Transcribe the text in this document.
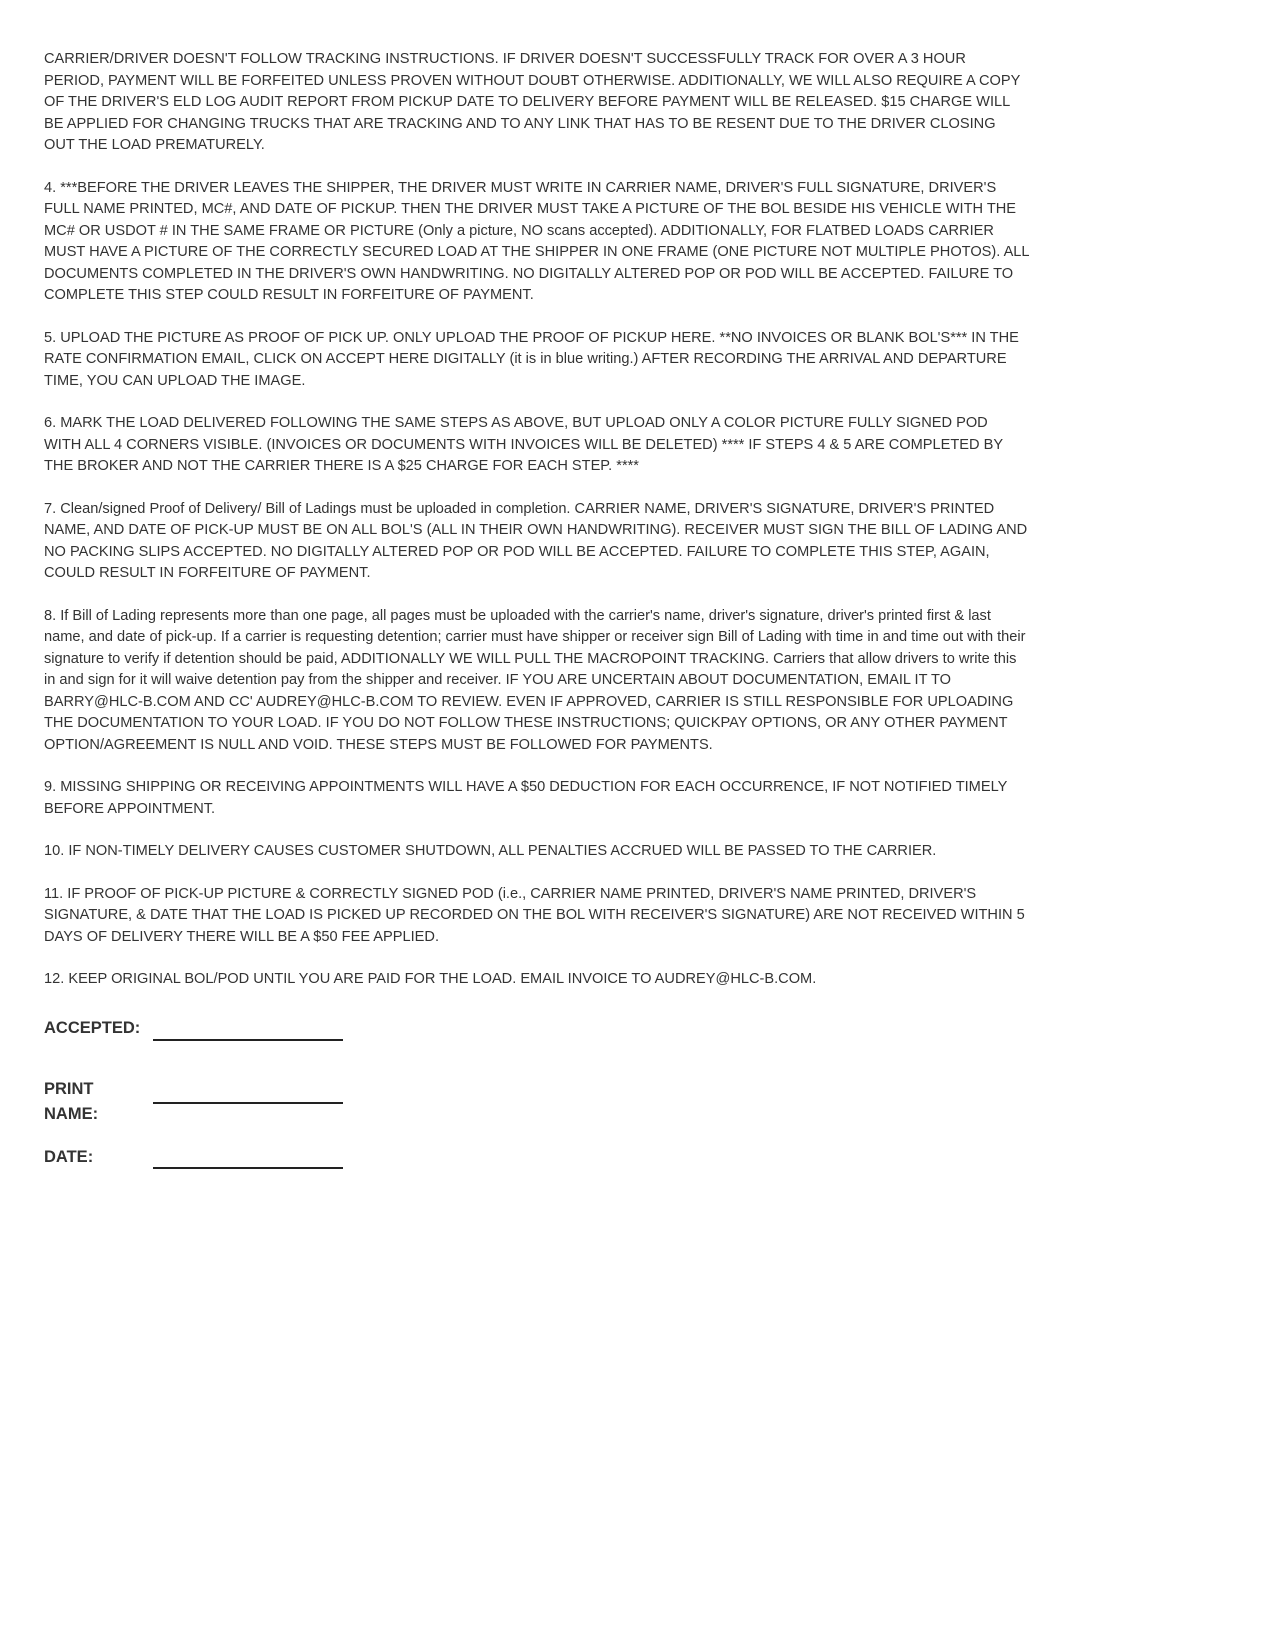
CARRIER/DRIVER DOESN'T FOLLOW TRACKING INSTRUCTIONS. IF DRIVER DOESN'T SUCCESSFULLY TRACK FOR OVER A 3 HOUR PERIOD, PAYMENT WILL BE FORFEITED UNLESS PROVEN WITHOUT DOUBT OTHERWISE. ADDITIONALLY, WE WILL ALSO REQUIRE A COPY OF THE DRIVER'S ELD LOG AUDIT REPORT FROM PICKUP DATE TO DELIVERY BEFORE PAYMENT WILL BE RELEASED. $15 CHARGE WILL BE APPLIED FOR CHANGING TRUCKS THAT ARE TRACKING AND TO ANY LINK THAT HAS TO BE RESENT DUE TO THE DRIVER CLOSING OUT THE LOAD PREMATURELY.

4. ***BEFORE THE DRIVER LEAVES THE SHIPPER, THE DRIVER MUST WRITE IN CARRIER NAME, DRIVER'S FULL SIGNATURE, DRIVER'S FULL NAME PRINTED, MC#, AND DATE OF PICKUP. THEN THE DRIVER MUST TAKE A PICTURE OF THE BOL BESIDE HIS VEHICLE WITH THE MC# OR USDOT # IN THE SAME FRAME OR PICTURE (Only a picture, NO scans accepted). ADDITIONALLY, FOR FLATBED LOADS CARRIER MUST HAVE A PICTURE OF THE CORRECTLY SECURED LOAD AT THE SHIPPER IN ONE FRAME (ONE PICTURE NOT MULTIPLE PHOTOS). ALL DOCUMENTS COMPLETED IN THE DRIVER'S OWN HANDWRITING. NO DIGITALLY ALTERED POP OR POD WILL BE ACCEPTED. FAILURE TO COMPLETE THIS STEP COULD RESULT IN FORFEITURE OF PAYMENT.

5. UPLOAD THE PICTURE AS PROOF OF PICK UP. ONLY UPLOAD THE PROOF OF PICKUP HERE. **NO INVOICES OR BLANK BOL'S*** IN THE RATE CONFIRMATION EMAIL, CLICK ON ACCEPT HERE DIGITALLY (it is in blue writing.) AFTER RECORDING THE ARRIVAL AND DEPARTURE TIME, YOU CAN UPLOAD THE IMAGE.

6. MARK THE LOAD DELIVERED FOLLOWING THE SAME STEPS AS ABOVE, BUT UPLOAD ONLY A COLOR PICTURE FULLY SIGNED POD WITH ALL 4 CORNERS VISIBLE. (INVOICES OR DOCUMENTS WITH INVOICES WILL BE DELETED) **** IF STEPS 4 & 5 ARE COMPLETED BY THE BROKER AND NOT THE CARRIER THERE IS A $25 CHARGE FOR EACH STEP. ****

7. Clean/signed Proof of Delivery/ Bill of Ladings must be uploaded in completion. CARRIER NAME, DRIVER'S SIGNATURE, DRIVER'S PRINTED NAME, AND DATE OF PICK-UP MUST BE ON ALL BOL'S (ALL IN THEIR OWN HANDWRITING). RECEIVER MUST SIGN THE BILL OF LADING AND NO PACKING SLIPS ACCEPTED. NO DIGITALLY ALTERED POP OR POD WILL BE ACCEPTED. FAILURE TO COMPLETE THIS STEP, AGAIN, COULD RESULT IN FORFEITURE OF PAYMENT.

8. If Bill of Lading represents more than one page, all pages must be uploaded with the carrier's name, driver's signature, driver's printed first & last name, and date of pick-up. If a carrier is requesting detention; carrier must have shipper or receiver sign Bill of Lading with time in and time out with their signature to verify if detention should be paid, ADDITIONALLY WE WILL PULL THE MACROPOINT TRACKING. Carriers that allow drivers to write this in and sign for it will waive detention pay from the shipper and receiver. IF YOU ARE UNCERTAIN ABOUT DOCUMENTATION, EMAIL IT TO BARRY@HLC-B.COM AND CC' AUDREY@HLC-B.COM TO REVIEW. EVEN IF APPROVED, CARRIER IS STILL RESPONSIBLE FOR UPLOADING THE DOCUMENTATION TO YOUR LOAD. IF YOU DO NOT FOLLOW THESE INSTRUCTIONS; QUICKPAY OPTIONS, OR ANY OTHER PAYMENT OPTION/AGREEMENT IS NULL AND VOID. THESE STEPS MUST BE FOLLOWED FOR PAYMENTS.

9. MISSING SHIPPING OR RECEIVING APPOINTMENTS WILL HAVE A $50 DEDUCTION FOR EACH OCCURRENCE, IF NOT NOTIFIED TIMELY BEFORE APPOINTMENT.

10. IF NON-TIMELY DELIVERY CAUSES CUSTOMER SHUTDOWN, ALL PENALTIES ACCRUED WILL BE PASSED TO THE CARRIER.

11. IF PROOF OF PICK-UP PICTURE & CORRECTLY SIGNED POD (i.e., CARRIER NAME PRINTED, DRIVER'S NAME PRINTED, DRIVER'S SIGNATURE, & DATE THAT THE LOAD IS PICKED UP RECORDED ON THE BOL WITH RECEIVER'S SIGNATURE) ARE NOT RECEIVED WITHIN 5 DAYS OF DELIVERY THERE WILL BE A $50 FEE APPLIED.

12. KEEP ORIGINAL BOL/POD UNTIL YOU ARE PAID FOR THE LOAD. EMAIL INVOICE TO AUDREY@HLC-B.COM.

ACCEPTED:
PRINT
NAME:
DATE:
